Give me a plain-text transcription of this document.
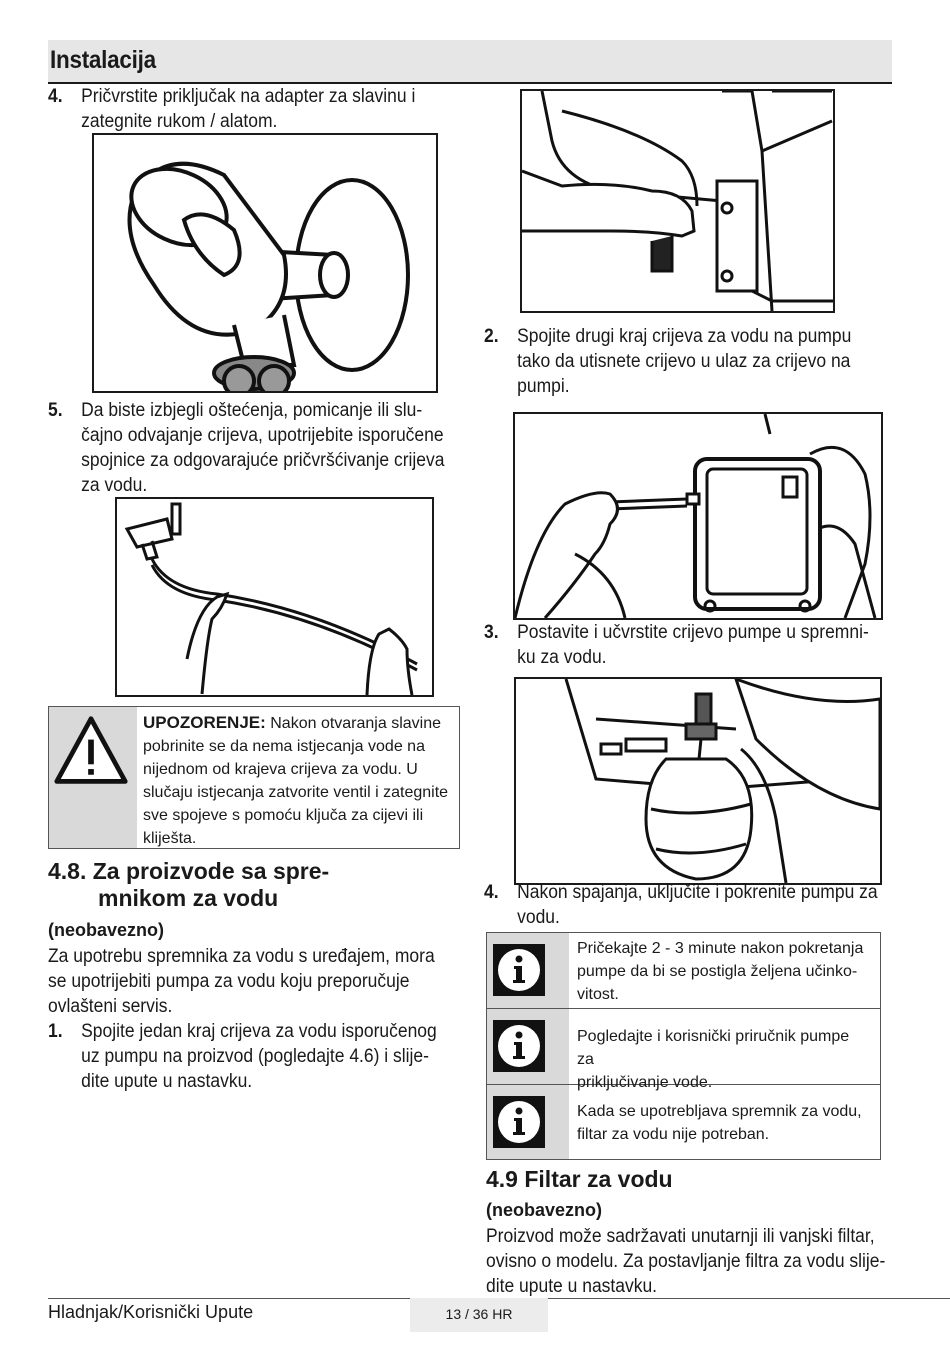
Instalacija
4. Pričvrstite priključak na adapter za slavinu i
zategnite rukom / alatom.
5. Da biste izbjegli oštećenja, pomicanje ili slu-
čajno odvajanje crijeva, upotrijebite isporučene
spojnice za odgovarajuće pričvršćivanje crijeva
za vodu.
UPOZORENJE: Nakon otvaranja slavine pobrinite se da nema istjecanja vode na nijednom od krajeva crijeva za vodu. U slučaju istjecanja zatvorite ventil i zategnite sve spojeve s pomoću ključa za cijevi ili kliješta.
4.8. Za proizvode sa spre-
mnikom za vodu
(neobavezno)
Za upotrebu spremnika za vodu s uređajem, mora
se upotrijebiti pumpa za vodu koju preporučuje
ovlašteni servis.
1. Spojite jedan kraj crijeva za vodu isporučenog
uz pumpu na proizvod (pogledajte 4.6) i slije-
dite upute u nastavku.
2. Spojite drugi kraj crijeva za vodu na pumpu
tako da utisnete crijevo u ulaz za crijevo na
pumpi.
3. Postavite i učvrstite crijevo pumpe u spremni-
ku za vodu.
4. Nakon spajanja, uključite i pokrenite pumpu za
vodu.
Pričekajte 2 - 3 minute nakon pokretanja
pumpe da bi se postigla željena učinko-
vitost.
Pogledajte i korisnički priručnik pumpe za
priključivanje vode.
Kada se upotrebljava spremnik za vodu,
filtar za vodu nije potreban.
4.9 Filtar za vodu
(neobavezno)
Proizvod može sadržavati unutarnji ili vanjski filtar,
ovisno o modelu. Za postavljanje filtra za vodu slije-
dite upute u nastavku.
Hladnjak/Korisnički Upute	13 / 36 HR
